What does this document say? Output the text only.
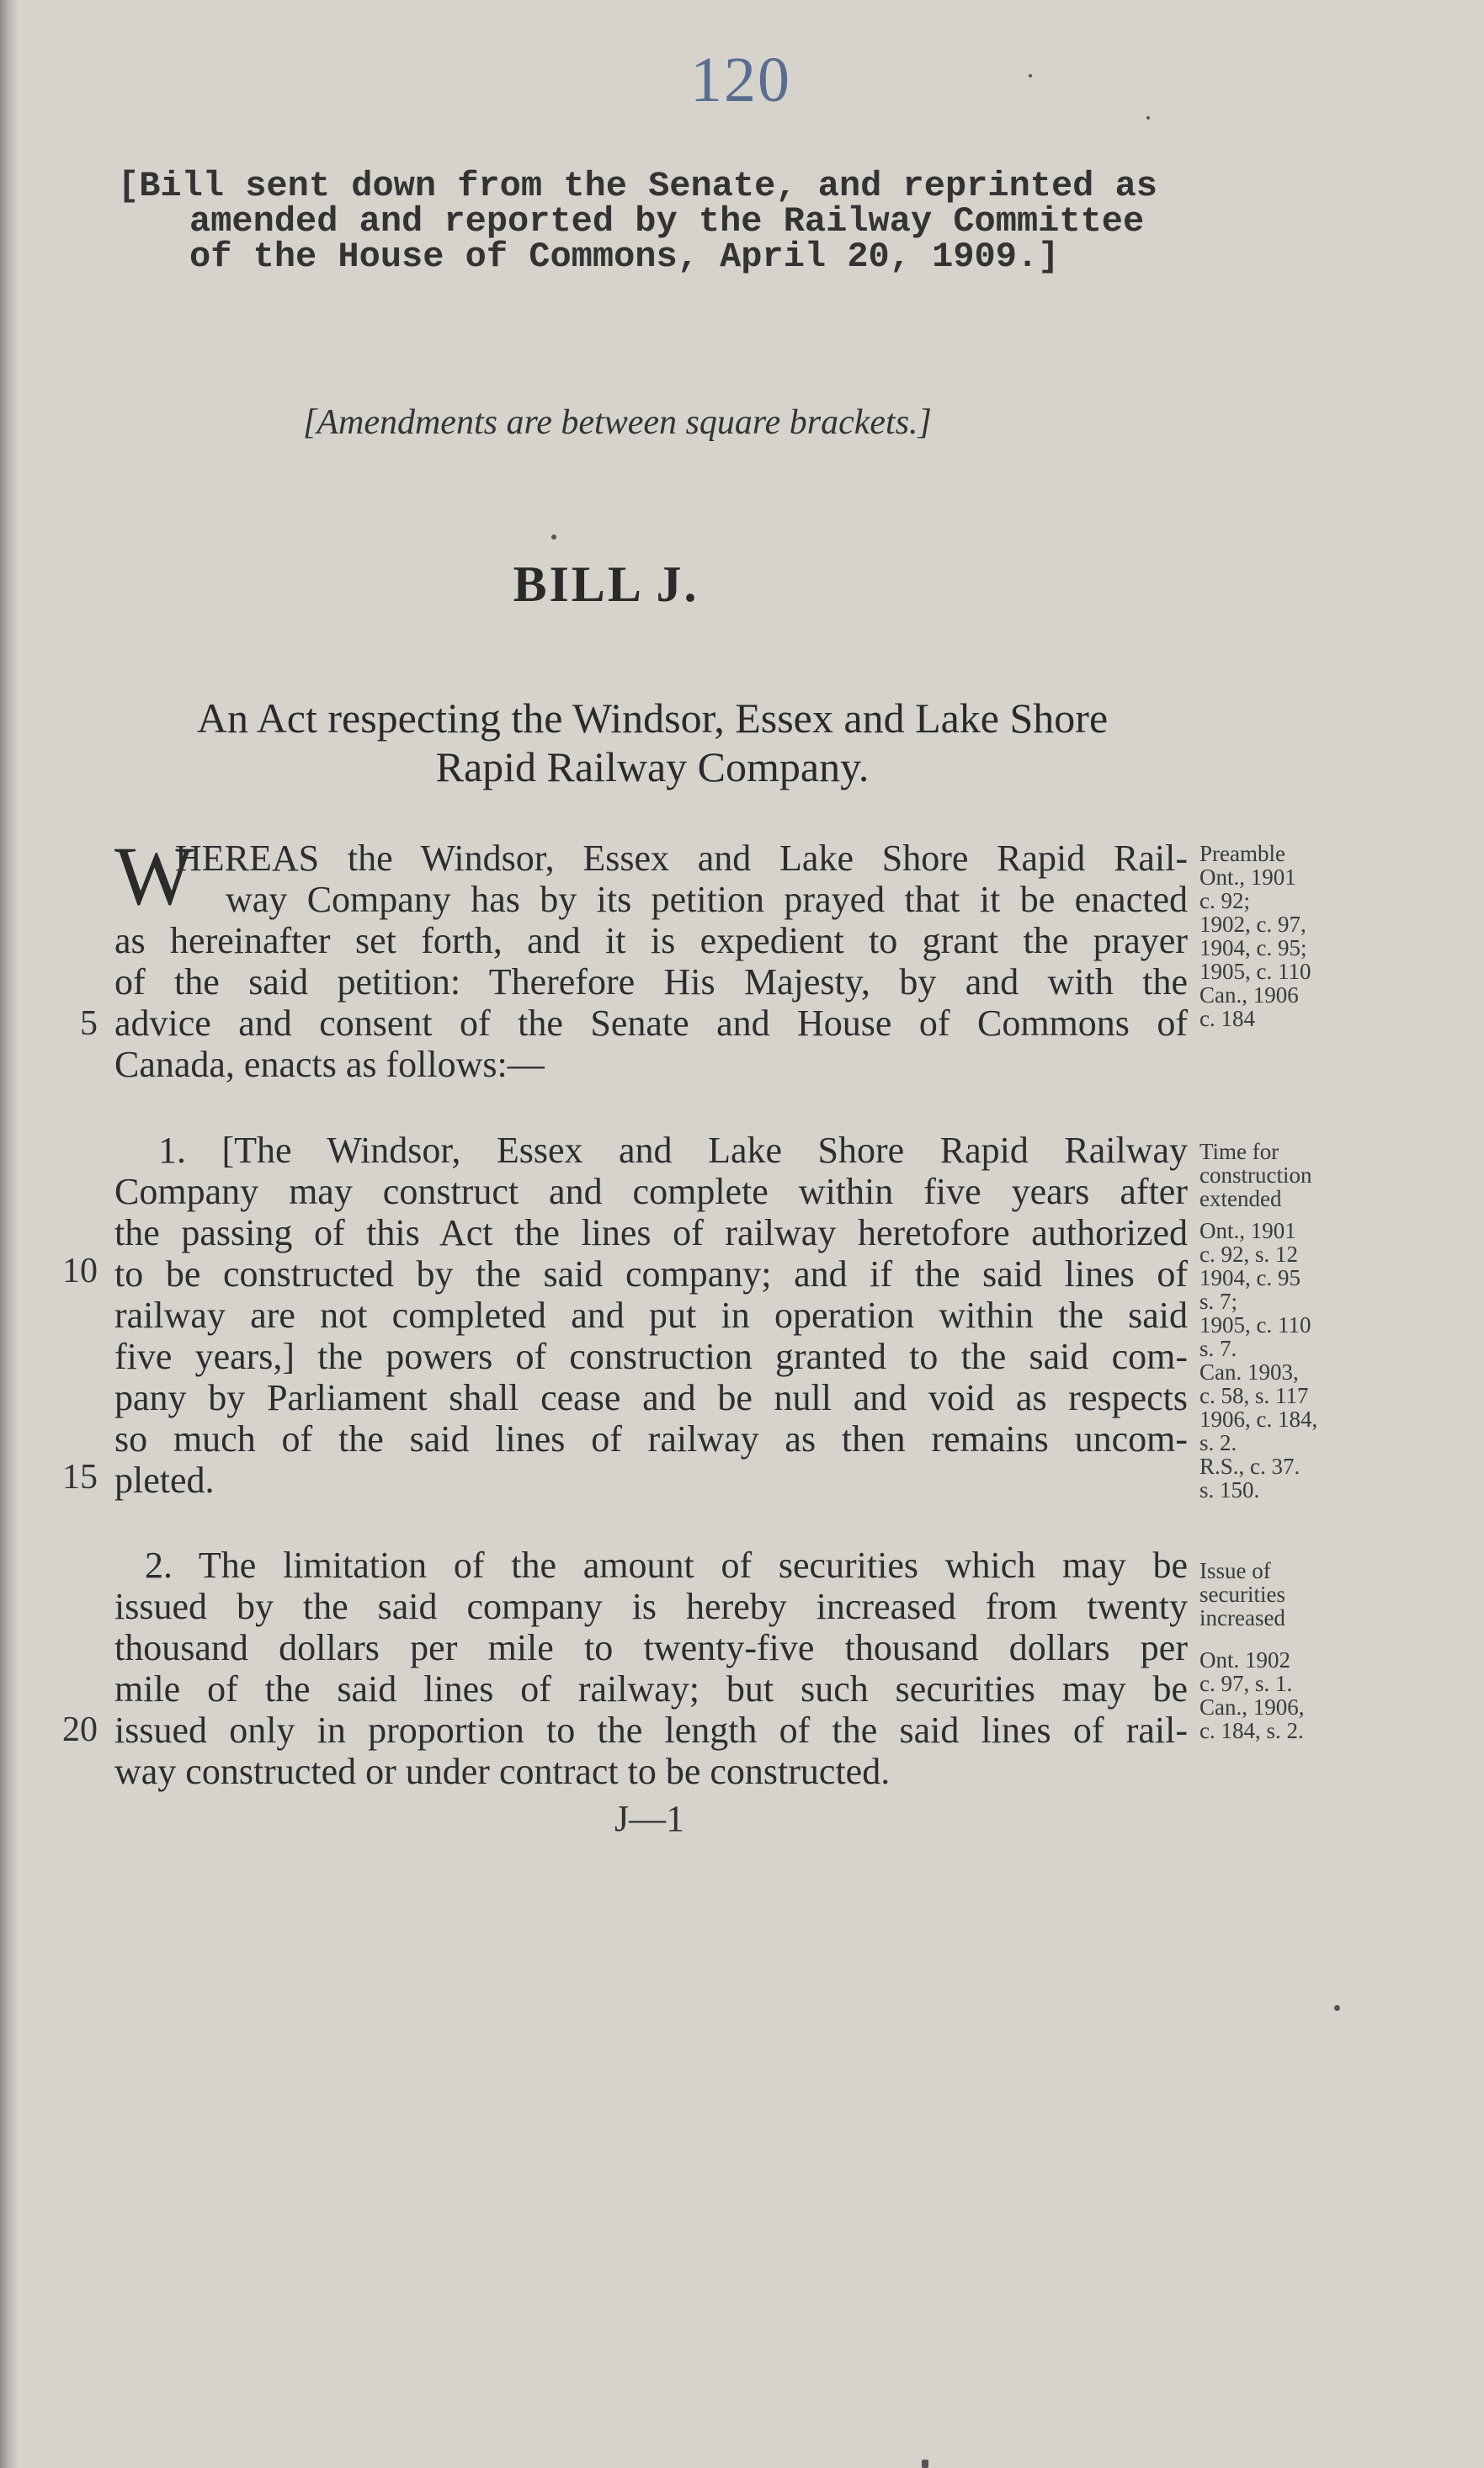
120
[Bill sent down from the Senate, and reprinted as
amended and reported by the Railway Committee
of the House of Commons, April 20, 1909.]
[Amendments are between square brackets.]
BILL J.
An Act respecting the Windsor, Essex and Lake Shore
Rapid Railway Company.
W
HEREAS the Windsor, Essex and Lake Shore Rapid Rail-
way Company has by its petition prayed that it be enacted
as hereinafter set forth, and it is expedient to grant the prayer
of the said petition: Therefore His Majesty, by and with the
advice and consent of the Senate and House of Commons of
Canada, enacts as follows:—
Preamble
Ont., 1901
c. 92;
1902, c. 97,
1904, c. 95;
1905, c. 110
Can., 1906
c. 184
1. [The Windsor, Essex and Lake Shore Rapid Railway
Company may construct and complete within five years after
the passing of this Act the lines of railway heretofore authorized
to be constructed by the said company; and if the said lines of
railway are not completed and put in operation within the said
five years,] the powers of construction granted to the said com-
pany by Parliament shall cease and be null and void as respects
so much of the said lines of railway as then remains uncom-
pleted.
Time for
construction
extended
Ont., 1901
c. 92, s. 12
1904, c. 95
s. 7;
1905, c. 110
s. 7.
Can. 1903,
c. 58, s. 117
1906, c. 184,
s. 2.
R.S., c. 37.
s. 150.
2. The limitation of the amount of securities which may be
issued by the said company is hereby increased from twenty
thousand dollars per mile to twenty-five thousand dollars per
mile of the said lines of railway; but such securities may be
issued only in proportion to the length of the said lines of rail-
way constructed or under contract to be constructed.
Issue of
securities
increased
Ont. 1902
c. 97, s. 1.
Can., 1906,
c. 184, s. 2.
5
10
15
20
J—1
